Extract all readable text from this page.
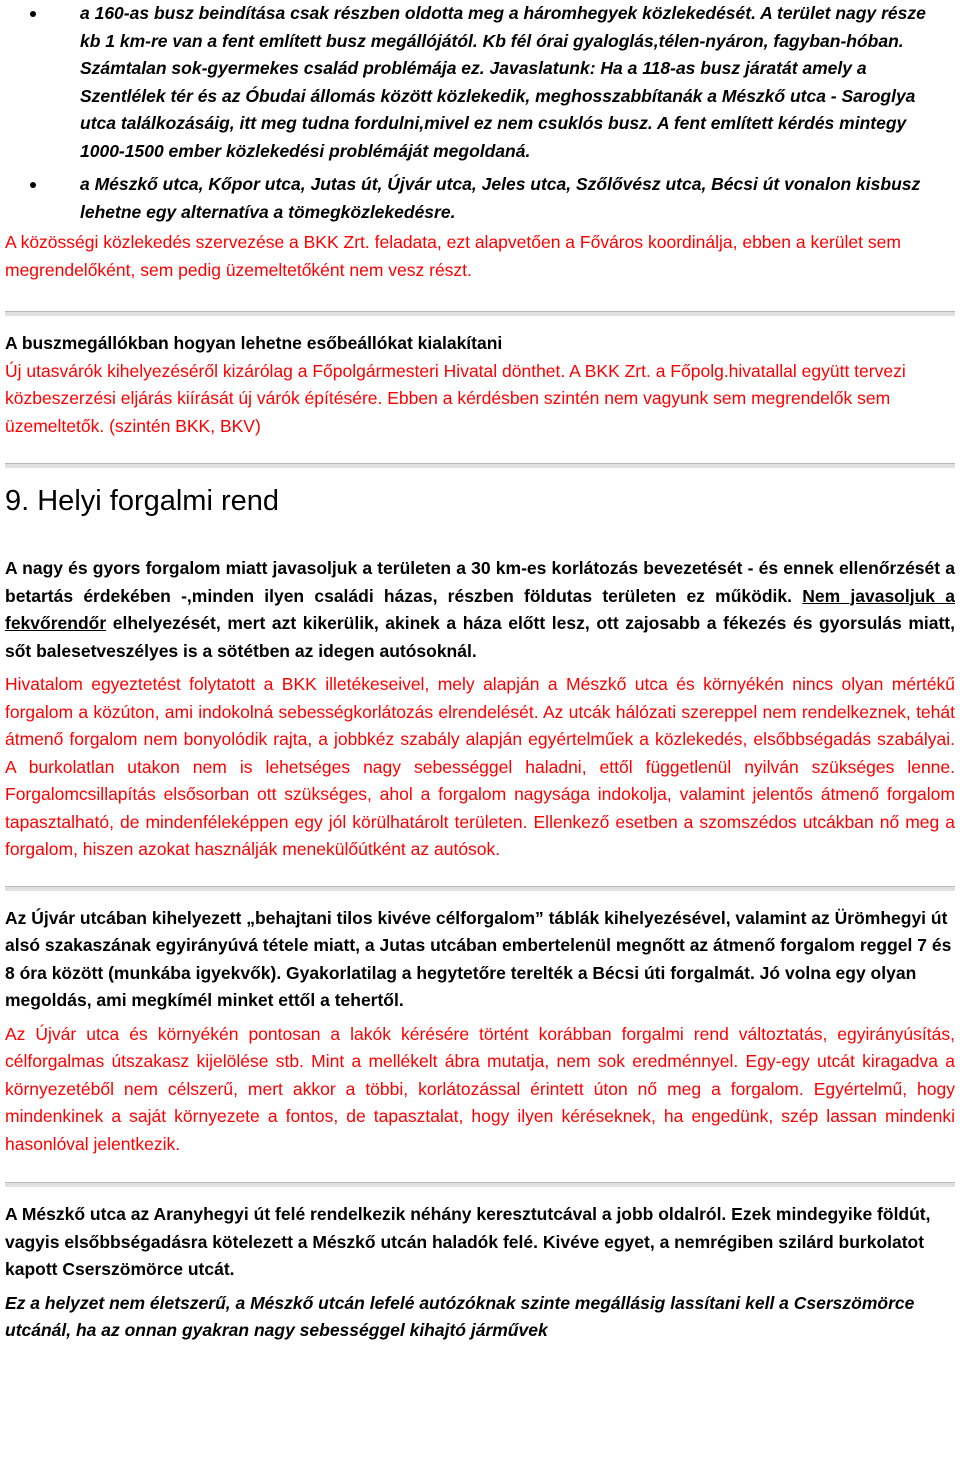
a 160-as busz beindítása csak részben oldotta meg a háromhegyek közlekedését. A terület nagy része kb 1 km-re van a fent említett busz megállójától. Kb fél órai gyaloglás,télen-nyáron, fagyban-hóban. Számtalan sok-gyermekes család problémája ez. Javaslatunk: Ha a 118-as busz járatát amely a Szentlélek tér és az Óbudai állomás között közlekedik, meghosszabbítanák a Mészkő utca - Saroglya utca találkozásáig, itt meg tudna fordulni,mivel ez nem csuklós busz. A fent említett kérdés mintegy 1000-1500 ember közlekedési problémáját megoldaná.
a Mészkő utca, Kőpor utca, Jutas út, Újvár utca, Jeles utca, Szőlővész utca, Bécsi út vonalon kisbusz lehetne egy alternatíva a tömegközlekedésre.

A közösségi közlekedés szervezése a BKK Zrt. feladata, ezt alapvetően a Főváros koordinálja, ebben a kerület sem megrendelőként, sem pedig üzemeltetőként nem vesz részt.

A buszmegállókban hogyan lehetne esőbeállókat kialakítani

Új utasvárók kihelyezéséről kizárólag a Főpolgármesteri Hivatal dönthet. A BKK Zrt. a Főpolg.hivatallal együtt tervezi közbeszerzési eljárás kiírását új várók építésére. Ebben a kérdésben szintén nem vagyunk sem megrendelők sem üzemeltetők. (szintén BKK, BKV)

9. Helyi forgalmi rend

A nagy és gyors forgalom miatt javasoljuk a területen a 30 km-es korlátozás bevezetését - és ennek ellenőrzését a betartás érdekében -,minden ilyen családi házas, részben földutas területen ez működik. Nem javasoljuk a fekvőrendőr elhelyezését, mert azt kikerülik, akinek a háza előtt lesz, ott zajosabb a fékezés és gyorsulás miatt, sőt balesetveszélyes is a sötétben az idegen autósoknál.

Hivatalom egyeztetést folytatott a BKK illetékeseivel, mely alapján a Mészkő utca és környékén nincs olyan mértékű forgalom a közúton, ami indokolná sebességkorlátozás elrendelését. Az utcák hálózati szereppel nem rendelkeznek, tehát átmenő forgalom nem bonyolódik rajta, a jobbkéz szabály alapján egyértelműek a közlekedés, elsőbbségadás szabályai. A burkolatlan utakon nem is lehetséges nagy sebességgel haladni, ettől függetlenül nyilván szükséges lenne. Forgalomcsillapítás elsősorban ott szükséges, ahol a forgalom nagysága indokolja, valamint jelentős átmenő forgalom tapasztalható, de mindenféleképpen egy jól körülhatárolt területen. Ellenkező esetben a szomszédos utcákban nő meg a forgalom, hiszen azokat használják menekülőútként az autósok.

Az Újvár utcában kihelyezett „behajtani tilos kivéve célforgalom” táblák kihelyezésével, valamint az Ürömhegyi út alsó szakaszának egyirányúvá tétele miatt, a Jutas utcában embertelenül megnőtt az átmenő forgalom reggel 7 és 8 óra között (munkába igyekvők). Gyakorlatilag a hegytetőre terelték a Bécsi úti forgalmát. Jó volna egy olyan megoldás, ami megkímél minket ettől a tehertől.

Az Újvár utca és környékén pontosan a lakók kérésére történt korábban forgalmi rend változtatás, egyirányúsítás, célforgalmas útszakasz kijelölése stb. Mint a mellékelt ábra mutatja, nem sok eredménnyel. Egy-egy utcát kiragadva a környezetéből nem célszerű, mert akkor a többi, korlátozással érintett úton nő meg a forgalom. Egyértelmű, hogy mindenkinek a saját környezete a fontos, de tapasztalat, hogy ilyen kéréseknek, ha engedünk, szép lassan mindenki hasonlóval jelentkezik.

A Mészkő utca az Aranyhegyi út felé rendelkezik néhány keresztutcával a jobb oldalról. Ezek mindegyike földút, vagyis elsőbbségadásra kötelezett a Mészkő utcán haladók felé. Kivéve egyet, a nemrégiben szilárd burkolatot kapott Cserszömörce utcát.

Ez a helyzet nem életszerű, a Mészkő utcán lefelé autózóknak szinte megállásig lassítani kell a Cserszömörce utcánál, ha az onnan gyakran nagy sebességgel kihajtó járművek
